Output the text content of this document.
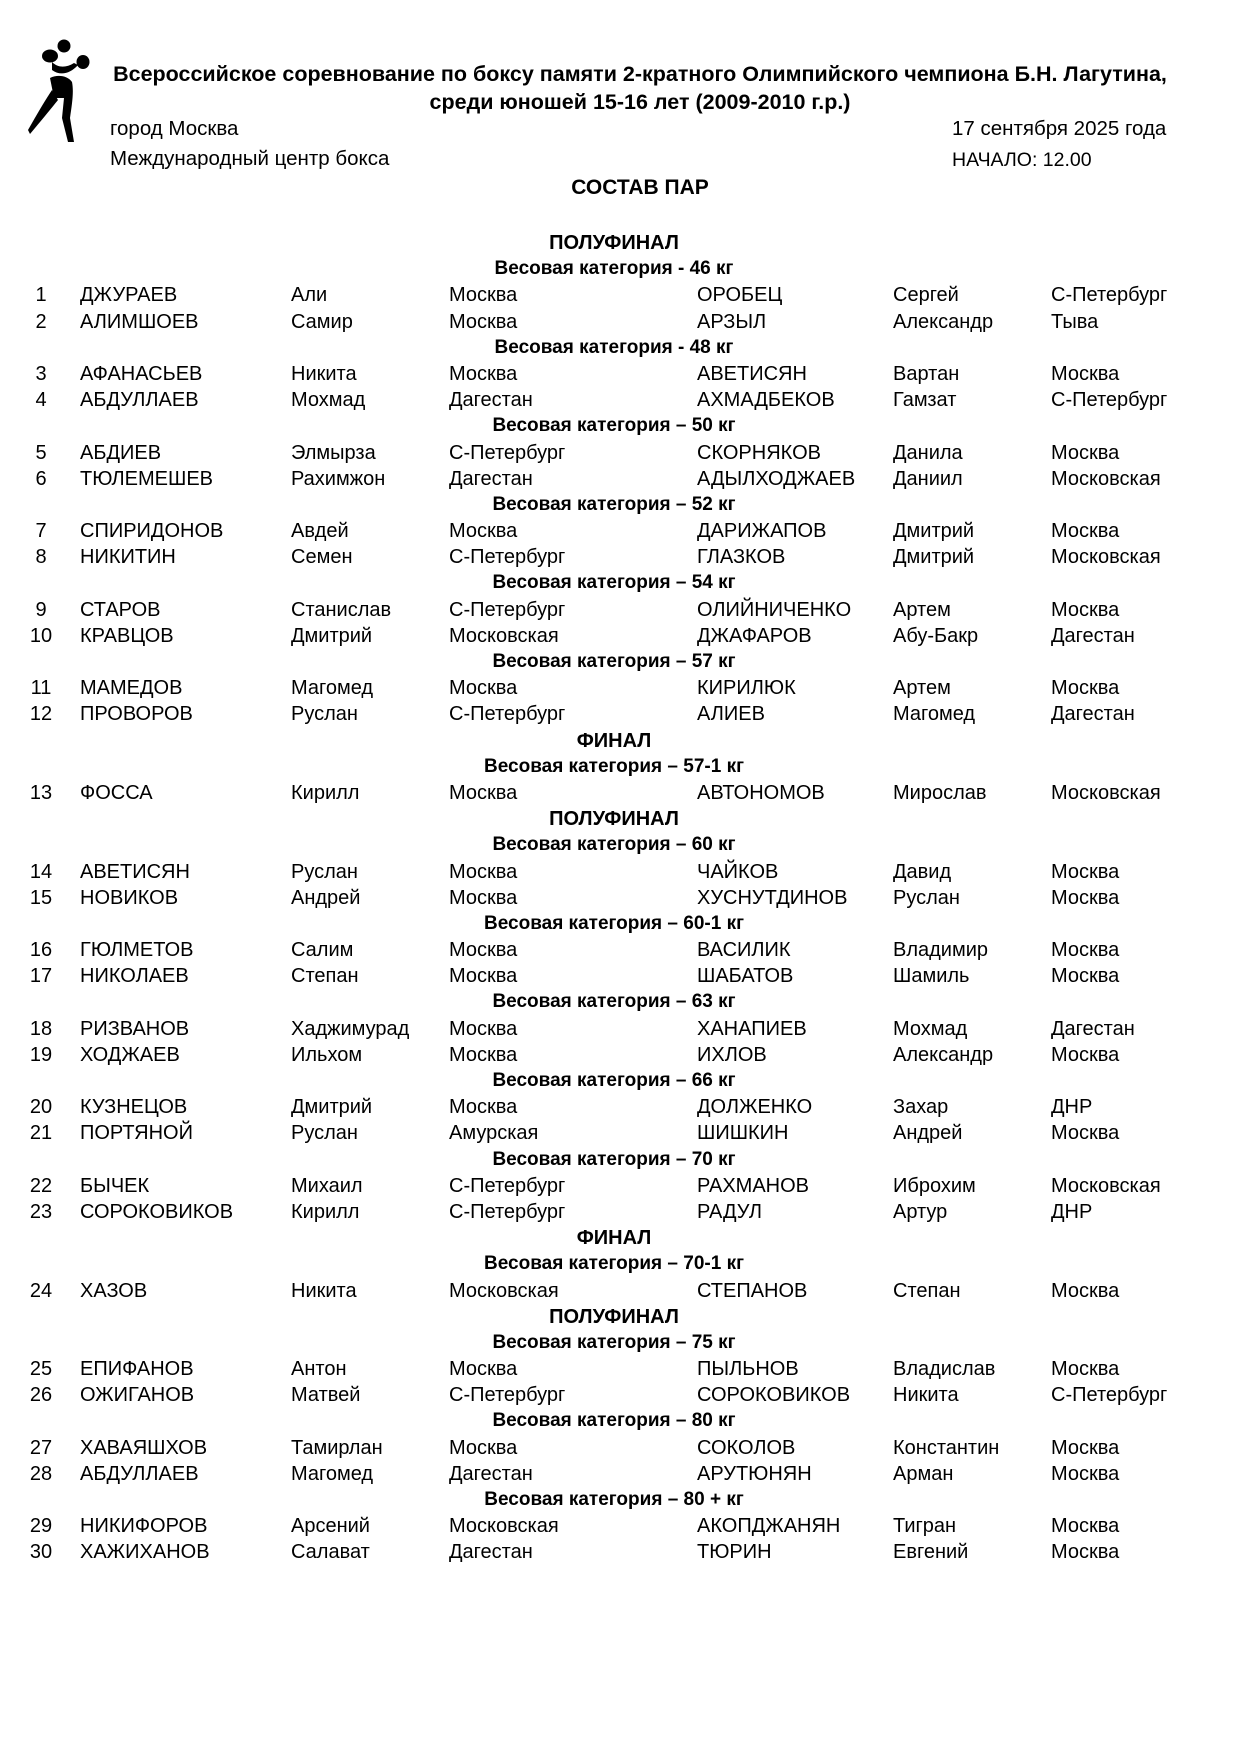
Всероссийское соревнование по боксу памяти 2-кратного Олимпийского чемпиона Б.Н. Лагутина,
среди юношей 15-16 лет (2009-2010 г.р.)
город Москва
Международный центр бокса
17 сентября 2025 года
НАЧАЛО: 12.00
СОСТАВ ПАР
ПОЛУФИНАЛ
Весовая категория - 46 кг
1	ДЖУРАЕВ	Али	Москва	ОРОБЕЦ	Сергей	С-Петербург
2	АЛИМШОЕВ	Самир	Москва	АРЗЫЛ	Александр	Тыва
Весовая категория - 48 кг
3	АФАНАСЬЕВ	Никита	Москва	АВЕТИСЯН	Вартан	Москва
4	АБДУЛЛАЕВ	Мохмад	Дагестан	АХМАДБЕКОВ	Гамзат	С-Петербург
Весовая категория – 50 кг
5	АБДИЕВ	Элмырза	С-Петербург	СКОРНЯКОВ	Данила	Москва
6	ТЮЛЕМЕШЕВ	Рахимжон	Дагестан	АДЫЛХОДЖАЕВ Даниил	Московская
Весовая категория – 52 кг
7	СПИРИДОНОВ	Авдей	Москва	ДАРИЖАПОВ	Дмитрий	Москва
8	НИКИТИН	Семен	С-Петербург	ГЛАЗКОВ	Дмитрий	Московская
Весовая категория – 54 кг
9	СТАРОВ	Станислав	С-Петербург	ОЛИЙНИЧЕНКО Артем	Москва
10 КРАВЦОВ	Дмитрий	Московская	ДЖАФАРОВ	Абу-Бакр	Дагестан
Весовая категория – 57 кг
11 МАМЕДОВ	Магомед	Москва	КИРИЛЮК	Артем	Москва
12 ПРОВОРОВ	Руслан	С-Петербург	АЛИЕВ	Магомед	Дагестан
ФИНАЛ
Весовая категория – 57-1 кг
13 ФОССА	Кирилл	Москва	АВТОНОМОВ	Мирослав	Московская
ПОЛУФИНАЛ
Весовая категория – 60 кг
14 АВЕТИСЯН	Руслан	Москва	ЧАЙКОВ	Давид	Москва
15 НОВИКОВ	Андрей	Москва	ХУСНУТДИНОВ Руслан	Москва
Весовая категория – 60-1 кг
16 ГЮЛМЕТОВ	Салим	Москва	ВАСИЛИК	Владимир	Москва
17 НИКОЛАЕВ	Степан	Москва	ШАБАТОВ	Шамиль	Москва
Весовая категория – 63 кг
18 РИЗВАНОВ	Хаджимурад Москва	ХАНАПИЕВ	Мохмад	Дагестан
19 ХОДЖАЕВ	Ильхом	Москва	ИХЛОВ	Александр	Москва
Весовая категория – 66 кг
20 КУЗНЕЦОВ	Дмитрий	Москва	ДОЛЖЕНКО	Захар	ДНР
21 ПОРТЯНОЙ	Руслан	Амурская	ШИШКИН	Андрей	Москва
Весовая категория – 70 кг
22 БЫЧЕК	Михаил	С-Петербург	РАХМАНОВ	Иброхим	Московская
23 СОРОКОВИКОВ	Кирилл	С-Петербург	РАДУЛ	Артур	ДНР
ФИНАЛ
Весовая категория – 70-1 кг
24 ХАЗОВ	Никита	Московская	СТЕПАНОВ	Степан	Москва
ПОЛУФИНАЛ
Весовая категория – 75 кг
25 ЕПИФАНОВ	Антон	Москва	ПЫЛЬНОВ	Владислав	Москва
26 ОЖИГАНОВ	Матвей	С-Петербург	СОРОКОВИКОВ Никита	С-Петербург
Весовая категория – 80 кг
27 ХАВАЯШХОВ	Тамирлан	Москва	СОКОЛОВ	Константин	Москва
28 АБДУЛЛАЕВ	Магомед	Дагестан	АРУТЮНЯН	Арман	Москва
Весовая категория – 80 + кг
29 НИКИФОРОВ	Арсений	Московская	АКОПДЖАНЯН	Тигран	Москва
30 ХАЖИХАНОВ	Салават	Дагестан	ТЮРИН	Евгений	Москва
